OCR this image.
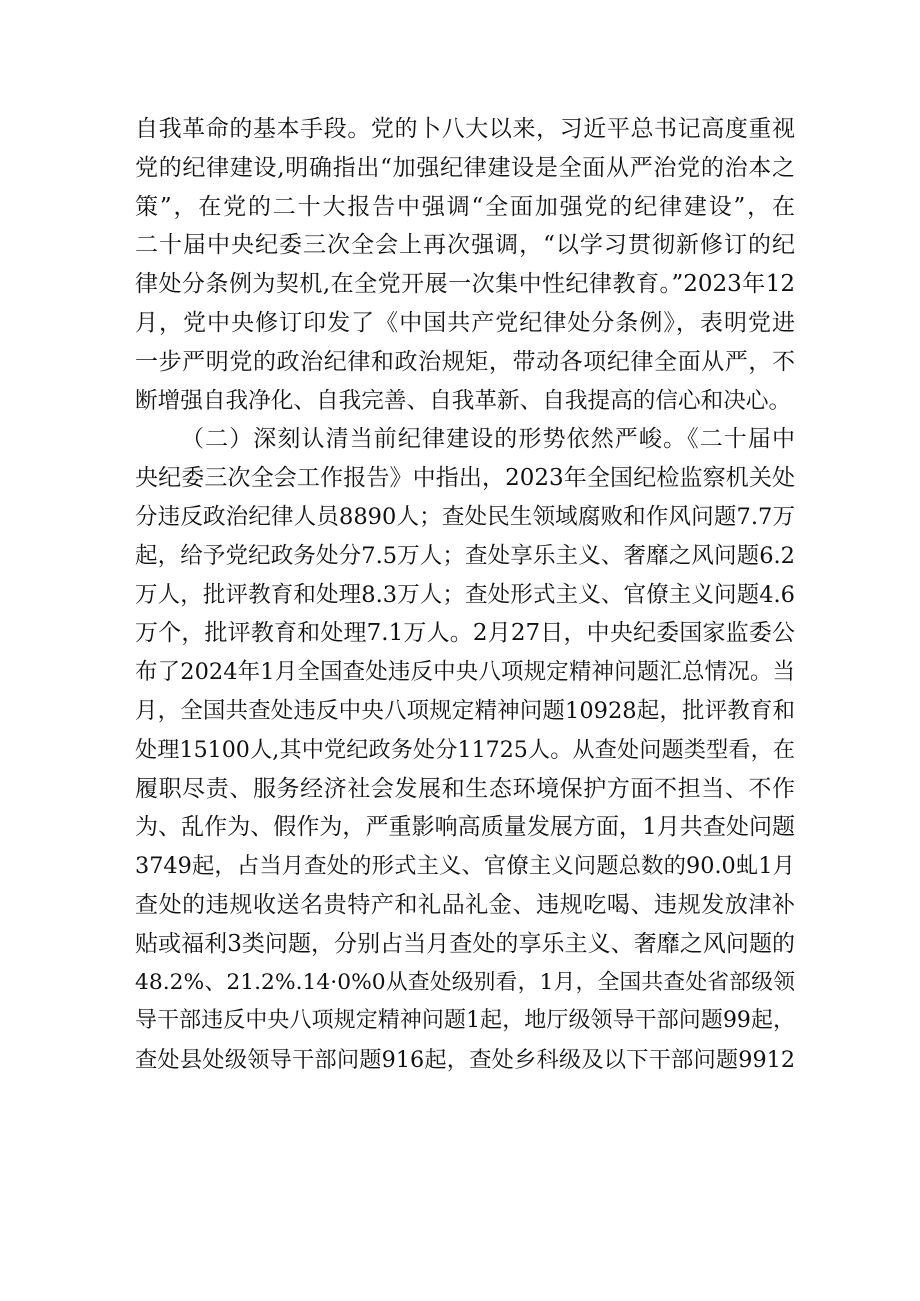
自我革命的基本手段。党的卜八大以来，习近平总书记高度重视
党的纪律建设,明确指出“加强纪律建设是全面从严治党的治本之
策”，在党的二十大报告中强调“全面加强党的纪律建设”，在
二十届中央纪委三次全会上再次强调，“以学习贯彻新修订的纪
律处分条例为契机,在全党开展一次集中性纪律教育。”2023年12
月，党中央修订印发了《中国共产党纪律处分条例》，表明党进
一步严明党的政治纪律和政治规矩，带动各项纪律全面从严，不
断增强自我净化、自我完善、自我革新、自我提高的信心和决心。
（二）深刻认清当前纪律建设的形势依然严峻。《二十届中
央纪委三次全会工作报告》中指出，2023年全国纪检监察机关处
分违反政治纪律人员8890人；查处民生领域腐败和作风问题7.7万
起，给予党纪政务处分7.5万人；查处享乐主义、奢靡之风问题6.2
万人，批评教育和处理8.3万人；查处形式主义、官僚主义问题4.6
万个，批评教育和处理7.1万人。2月27日，中央纪委国家监委公
布了2024年1月全国查处违反中央八项规定精神问题汇总情况。当
月，全国共查处违反中央八项规定精神问题10928起，批评教育和
处理15100人,其中党纪政务处分11725人。从查处问题类型看，在
履职尽责、服务经济社会发展和生态环境保护方面不担当、不作
为、乱作为、假作为，严重影响高质量发展方面，1月共查处问题
3749起，占当月查处的形式主义、官僚主义问题总数的90.0虬1月
查处的违规收送名贵特产和礼品礼金、违规吃喝、违规发放津补
贴或福利3类问题，分别占当月查处的享乐主义、奢靡之风问题的
48.2%、21.2%.14·0%0从查处级别看，1月，全国共查处省部级领
导干部违反中央八项规定精神问题1起，地厅级领导干部问题99起，
查处县处级领导干部问题916起，查处乡科级及以下干部问题9912
